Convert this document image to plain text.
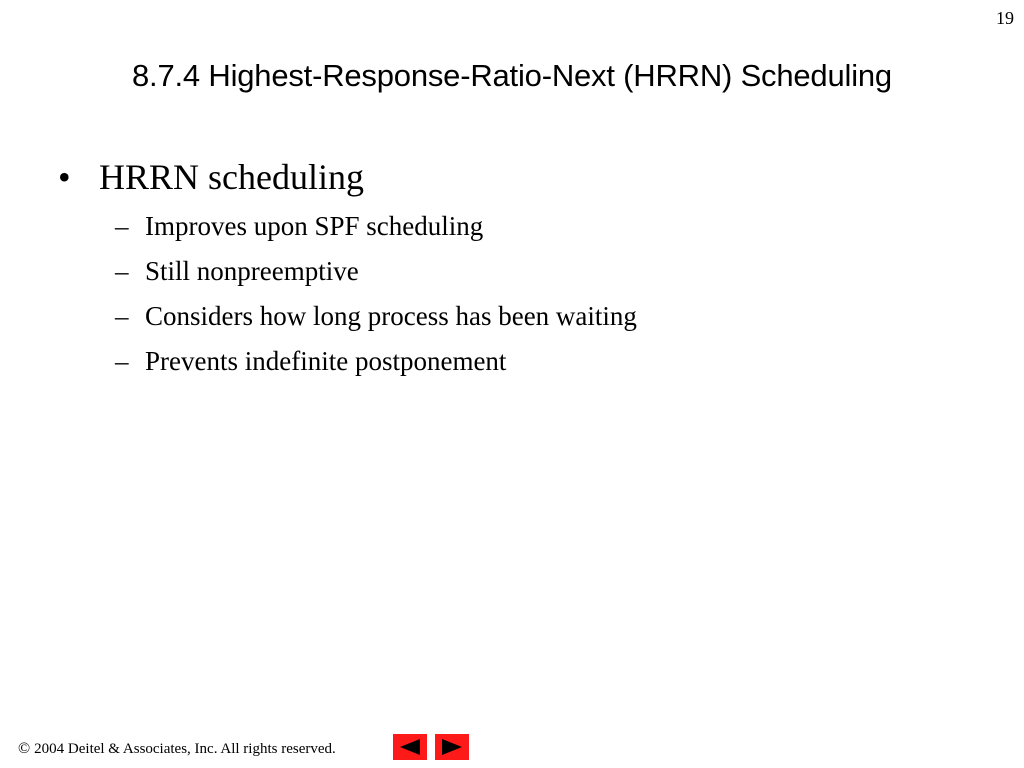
19
8.7.4 Highest-Response-Ratio-Next (HRRN) Scheduling
• HRRN scheduling
– Improves upon SPF scheduling
– Still nonpreemptive
– Considers how long process has been waiting
– Prevents indefinite postponement
© 2004 Deitel & Associates, Inc. All rights reserved.
